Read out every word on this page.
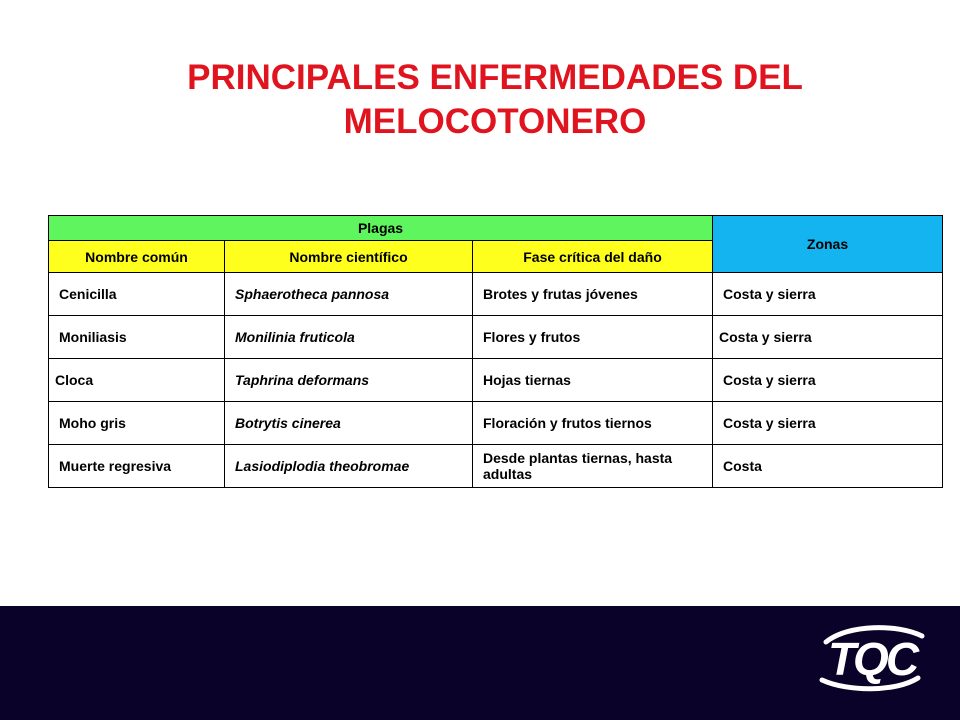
PRINCIPALES ENFERMEDADES DEL
MELOCOTONERO
Plagas			Zonas
Nombre común	Nombre científico	Fase crítica del daño	
Cenicilla	Sphaerotheca pannosa	Brotes y frutas jóvenes	Costa y sierra
Moniliasis	Monilinia fruticola	Flores y frutos	Costa y sierra
Cloca	Taphrina deformans	Hojas tiernas	Costa y sierra
Moho gris	Botrytis cinerea	Floración y frutos tiernos	Costa y sierra
Muerte regresiva	Lasiodiplodia theobromae	Desde plantas tiernas, hasta adultas	Costa
TQC
